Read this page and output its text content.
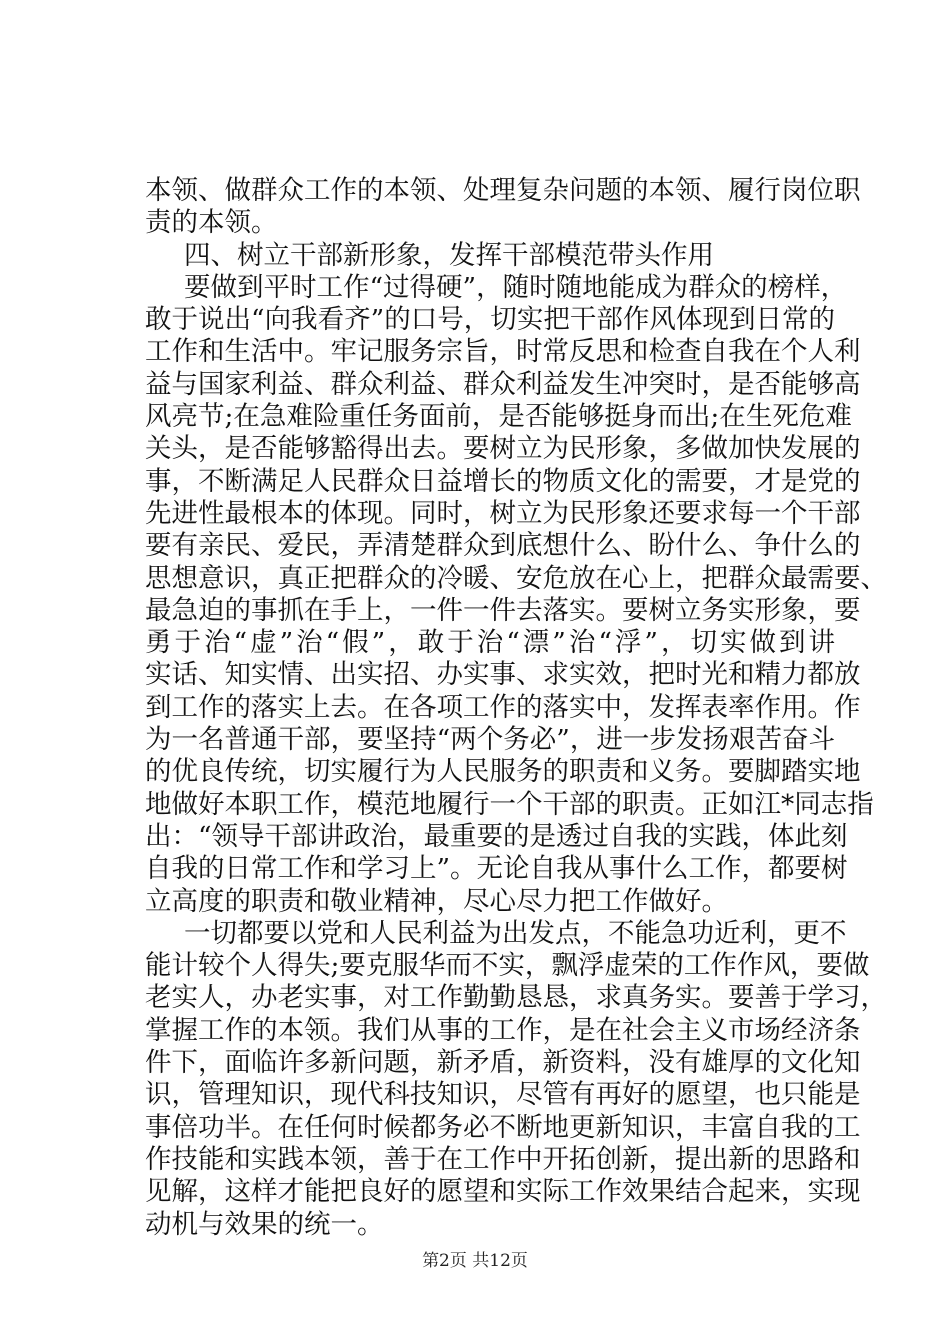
本领、做群众工作的本领、处理复杂问题的本领、履行岗位职
责的本领。
四、树立干部新形象，发挥干部模范带头作用
要做到平时工作“过得硬”，随时随地能成为群众的榜样，
敢于说出“向我看齐”的口号，切实把干部作风体现到日常的
工作和生活中。牢记服务宗旨，时常反思和检查自我在个人利
益与国家利益、群众利益、群众利益发生冲突时，是否能够高
风亮节;在急难险重任务面前，是否能够挺身而出;在生死危难
关头，是否能够豁得出去。要树立为民形象，多做加快发展的
事，不断满足人民群众日益增长的物质文化的需要，才是党的
先进性最根本的体现。同时，树立为民形象还要求每一个干部
要有亲民、爱民，弄清楚群众到底想什么、盼什么、争什么的
思想意识，真正把群众的冷暖、安危放在心上，把群众最需要、
最急迫的事抓在手上，一件一件去落实。要树立务实形象，要
勇于治“虚”治“假”，敢于治“漂”治“浮”，切实做到讲
实话、知实情、出实招、办实事、求实效，把时光和精力都放
到工作的落实上去。在各项工作的落实中，发挥表率作用。作
为一名普通干部，要坚持“两个务必”，进一步发扬艰苦奋斗
的优良传统，切实履行为人民服务的职责和义务。要脚踏实地
地做好本职工作，模范地履行一个干部的职责。正如江*同志指
出：“领导干部讲政治，最重要的是透过自我的实践，体此刻
自我的日常工作和学习上”。无论自我从事什么工作，都要树
立高度的职责和敬业精神，尽心尽力把工作做好。
一切都要以党和人民利益为出发点，不能急功近利，更不
能计较个人得失;要克服华而不实，飘浮虚荣的工作作风，要做
老实人，办老实事，对工作勤勤恳恳，求真务实。要善于学习，
掌握工作的本领。我们从事的工作，是在社会主义市场经济条
件下，面临许多新问题，新矛盾，新资料，没有雄厚的文化知
识，管理知识，现代科技知识，尽管有再好的愿望，也只能是
事倍功半。在任何时候都务必不断地更新知识，丰富自我的工
作技能和实践本领，善于在工作中开拓创新，提出新的思路和
见解，这样才能把良好的愿望和实际工作效果结合起来，实现
动机与效果的统一。
第2页 共12页
